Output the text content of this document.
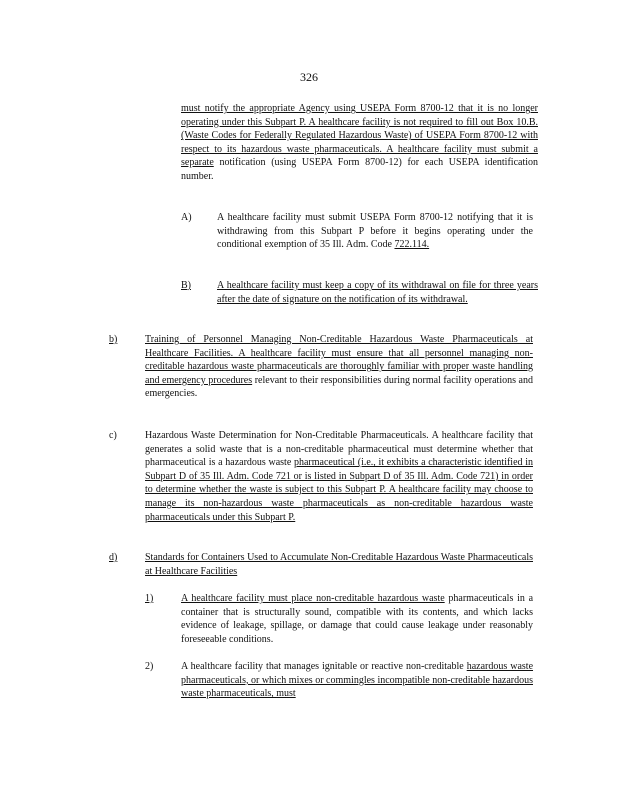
326
must notify the appropriate Agency using USEPA Form 8700-12 that it is no longer operating under this Subpart P. A healthcare facility is not required to fill out Box 10.B. (Waste Codes for Federally Regulated Hazardous Waste) of USEPA Form 8700-12 with respect to its hazardous waste pharmaceuticals. A healthcare facility must submit a separate notification (using USEPA Form 8700-12) for each USEPA identification number.
A)	A healthcare facility must submit USEPA Form 8700-12 notifying that it is withdrawing from this Subpart P before it begins operating under the conditional exemption of 35 Ill. Adm. Code 722.114.
B)	A healthcare facility must keep a copy of its withdrawal on file for three years after the date of signature on the notification of its withdrawal.
b)	Training of Personnel Managing Non-Creditable Hazardous Waste Pharmaceuticals at Healthcare Facilities. A healthcare facility must ensure that all personnel managing non-creditable hazardous waste pharmaceuticals are thoroughly familiar with proper waste handling and emergency procedures relevant to their responsibilities during normal facility operations and emergencies.
c)	Hazardous Waste Determination for Non-Creditable Pharmaceuticals. A healthcare facility that generates a solid waste that is a non-creditable pharmaceutical must determine whether that pharmaceutical is a hazardous waste pharmaceutical (i.e., it exhibits a characteristic identified in Subpart D of 35 Ill. Adm. Code 721 or is listed in Subpart D of 35 Ill. Adm. Code 721) in order to determine whether the waste is subject to this Subpart P. A healthcare facility may choose to manage its non-hazardous waste pharmaceuticals as non-creditable hazardous waste pharmaceuticals under this Subpart P.
d)	Standards for Containers Used to Accumulate Non-Creditable Hazardous Waste Pharmaceuticals at Healthcare Facilities
1)	A healthcare facility must place non-creditable hazardous waste pharmaceuticals in a container that is structurally sound, compatible with its contents, and which lacks evidence of leakage, spillage, or damage that could cause leakage under reasonably foreseeable conditions.
2)	A healthcare facility that manages ignitable or reactive non-creditable hazardous waste pharmaceuticals, or which mixes or commingles incompatible non-creditable hazardous waste pharmaceuticals, must
